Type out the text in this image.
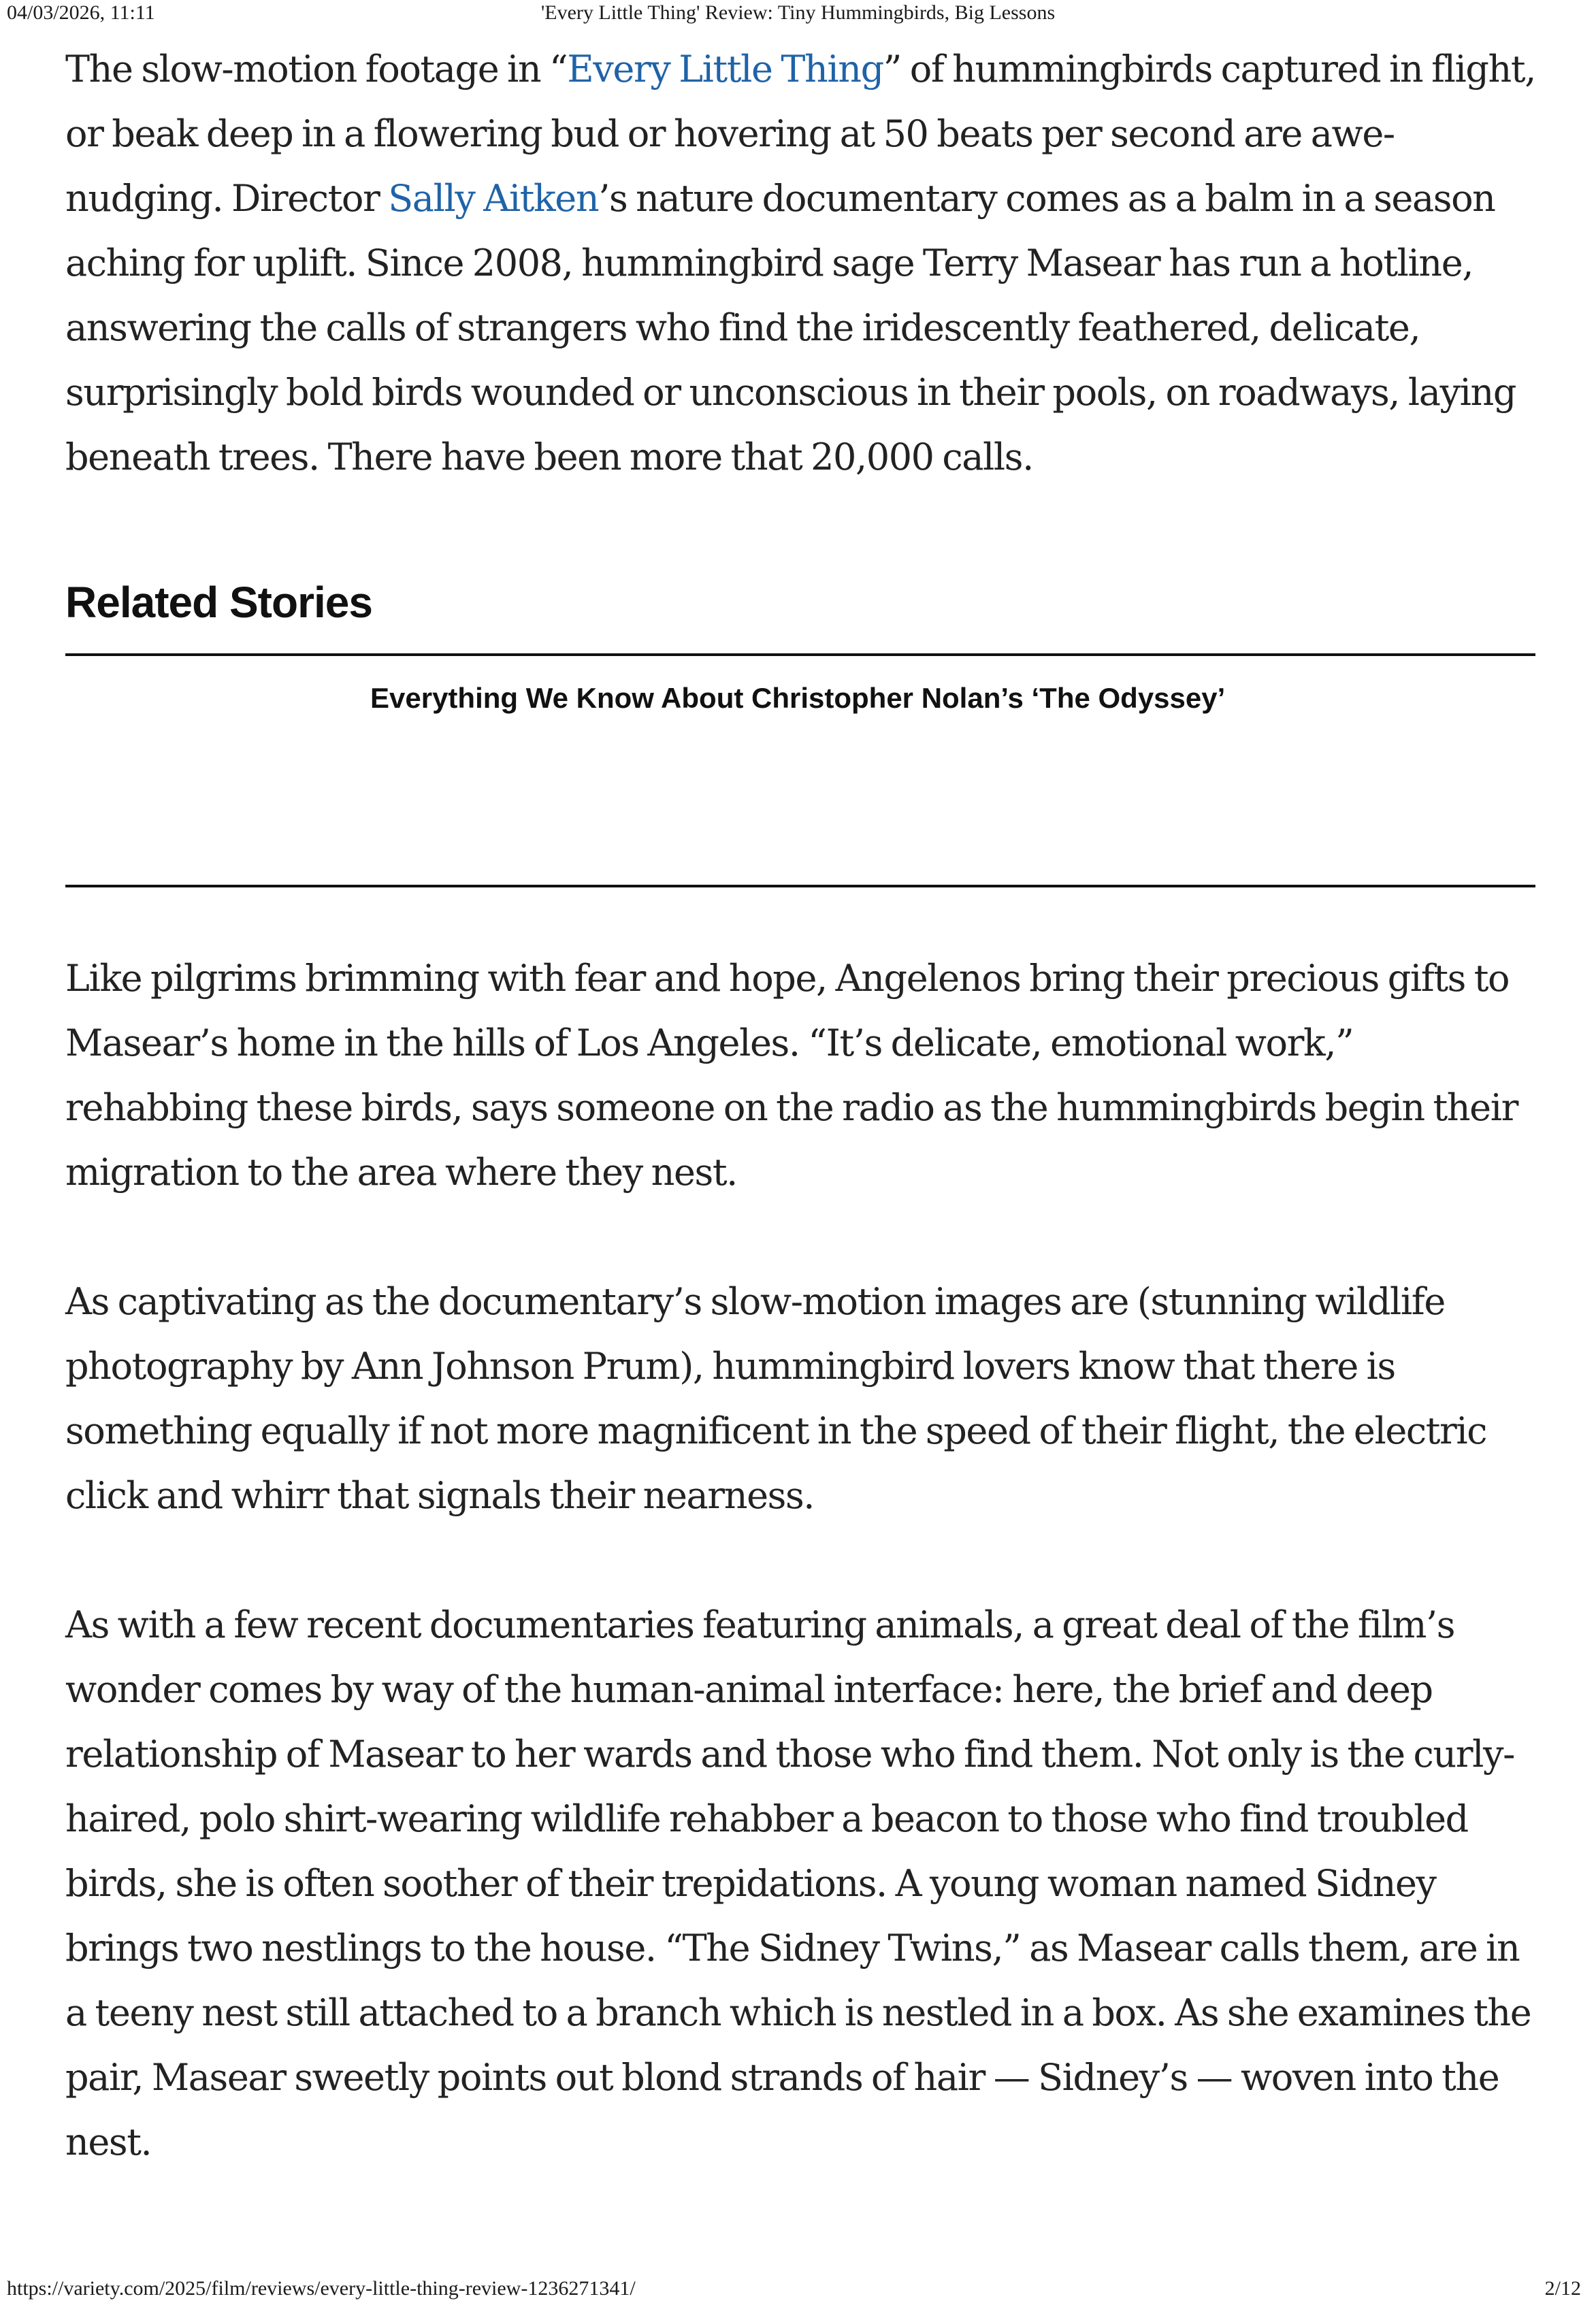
04/03/2026, 11:11	'Every Little Thing' Review: Tiny Hummingbirds, Big Lessons

The slow-motion footage in “Every Little Thing” of hummingbirds captured in flight, or beak deep in a flowering bud or hovering at 50 beats per second are awe-nudging. Director Sally Aitken’s nature documentary comes as a balm in a season aching for uplift. Since 2008, hummingbird sage Terry Masear has run a hotline, answering the calls of strangers who find the iridescently feathered, delicate, surprisingly bold birds wounded or unconscious in their pools, on roadways, laying beneath trees. There have been more that 20,000 calls.

Related Stories
Everything We Know About Christopher Nolan’s ‘The Odyssey’

Like pilgrims brimming with fear and hope, Angelenos bring their precious gifts to Masear’s home in the hills of Los Angeles. “It’s delicate, emotional work,” rehabbing these birds, says someone on the radio as the hummingbirds begin their migration to the area where they nest.

As captivating as the documentary’s slow-motion images are (stunning wildlife photography by Ann Johnson Prum), hummingbird lovers know that there is something equally if not more magnificent in the speed of their flight, the electric click and whirr that signals their nearness.

As with a few recent documentaries featuring animals, a great deal of the film’s wonder comes by way of the human-animal interface: here, the brief and deep relationship of Masear to her wards and those who find them. Not only is the curly-haired, polo shirt-wearing wildlife rehabber a beacon to those who find troubled birds, she is often soother of their trepidations. A young woman named Sidney brings two nestlings to the house. “The Sidney Twins,” as Masear calls them, are in a teeny nest still attached to a branch which is nestled in a box. As she examines the pair, Masear sweetly points out blond strands of hair — Sidney’s — woven into the nest.

https://variety.com/2025/film/reviews/every-little-thing-review-1236271341/	2/12
